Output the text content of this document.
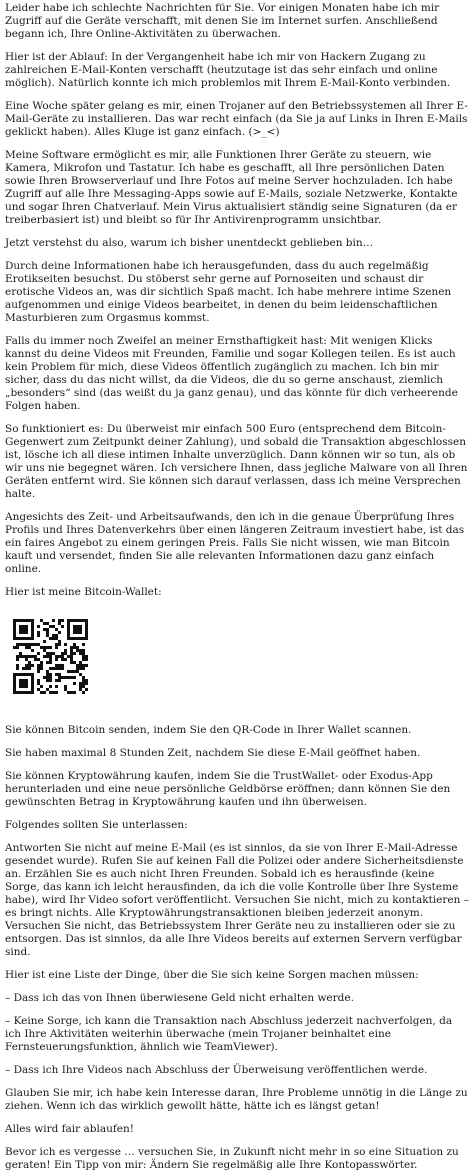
Leider habe ich schlechte Nachrichten für Sie. Vor einigen Monaten habe ich mir Zugriff auf die Geräte verschafft, mit denen Sie im Internet surfen. Anschließend begann ich, Ihre Online-Aktivitäten zu überwachen.

Hier ist der Ablauf: In der Vergangenheit habe ich mir von Hackern Zugang zu zahlreichen E-Mail-Konten verschafft (heutzutage ist das sehr einfach und online möglich). Natürlich konnte ich mich problemlos mit Ihrem E-Mail-Konto verbinden.

Eine Woche später gelang es mir, einen Trojaner auf den Betriebssystemen all Ihrer E-Mail-Geräte zu installieren. Das war recht einfach (da Sie ja auf Links in Ihren E-Mails geklickt haben). Alles Kluge ist ganz einfach. (>_<)

Meine Software ermöglicht es mir, alle Funktionen Ihrer Geräte zu steuern, wie Kamera, Mikrofon und Tastatur. Ich habe es geschafft, all Ihre persönlichen Daten sowie Ihren Browserverlauf und Ihre Fotos auf meine Server hochzuladen. Ich habe Zugriff auf alle Ihre Messaging-Apps sowie auf E-Mails, soziale Netzwerke, Kontakte und sogar Ihren Chatverlauf. Mein Virus aktualisiert ständig seine Signaturen (da er treiberbasiert ist) und bleibt so für Ihr Antivirenprogramm unsichtbar.

Jetzt verstehst du also, warum ich bisher unentdeckt geblieben bin…

Durch deine Informationen habe ich herausgefunden, dass du auch regelmäßig Erotikseiten besuchst. Du stöberst sehr gerne auf Pornoseiten und schaust dir erotische Videos an, was dir sichtlich Spaß macht. Ich habe mehrere intime Szenen aufgenommen und einige Videos bearbeitet, in denen du beim leidenschaftlichen Masturbieren zum Orgasmus kommst.

Falls du immer noch Zweifel an meiner Ernsthaftigkeit hast: Mit wenigen Klicks kannst du deine Videos mit Freunden, Familie und sogar Kollegen teilen. Es ist auch kein Problem für mich, diese Videos öffentlich zugänglich zu machen. Ich bin mir sicher, dass du das nicht willst, da die Videos, die du so gerne anschaust, ziemlich „besonders“ sind (das weißt du ja ganz genau), und das könnte für dich verheerende Folgen haben.

So funktioniert es: Du überweist mir einfach 500 Euro (entsprechend dem Bitcoin-Gegenwert zum Zeitpunkt deiner Zahlung), und sobald die Transaktion abgeschlossen ist, lösche ich all diese intimen Inhalte unverzüglich. Dann können wir so tun, als ob wir uns nie begegnet wären. Ich versichere Ihnen, dass jegliche Malware von all Ihren Geräten entfernt wird. Sie können sich darauf verlassen, dass ich meine Versprechen halte.

Angesichts des Zeit- und Arbeitsaufwands, den ich in die genaue Überprüfung Ihres Profils und Ihres Datenverkehrs über einen längeren Zeitraum investiert habe, ist das ein faires Angebot zu einem geringen Preis. Falls Sie nicht wissen, wie man Bitcoin kauft und versendet, finden Sie alle relevanten Informationen dazu ganz einfach online.

Hier ist meine Bitcoin-Wallet:

Sie können Bitcoin senden, indem Sie den QR-Code in Ihrer Wallet scannen.

Sie haben maximal 8 Stunden Zeit, nachdem Sie diese E-Mail geöffnet haben.

Sie können Kryptowährung kaufen, indem Sie die TrustWallet- oder Exodus-App herunterladen und eine neue persönliche Geldbörse eröffnen; dann können Sie den gewünschten Betrag in Kryptowährung kaufen und ihn überweisen.

Folgendes sollten Sie unterlassen:

Antworten Sie nicht auf meine E-Mail (es ist sinnlos, da sie von Ihrer E-Mail-Adresse gesendet wurde). Rufen Sie auf keinen Fall die Polizei oder andere Sicherheitsdienste an. Erzählen Sie es auch nicht Ihren Freunden. Sobald ich es herausfinde (keine Sorge, das kann ich leicht herausfinden, da ich die volle Kontrolle über Ihre Systeme habe), wird Ihr Video sofort veröffentlicht. Versuchen Sie nicht, mich zu kontaktieren – es bringt nichts. Alle Kryptowährungstransaktionen bleiben jederzeit anonym. Versuchen Sie nicht, das Betriebssystem Ihrer Geräte neu zu installieren oder sie zu entsorgen. Das ist sinnlos, da alle Ihre Videos bereits auf externen Servern verfügbar sind.

Hier ist eine Liste der Dinge, über die Sie sich keine Sorgen machen müssen:

– Dass ich das von Ihnen überwiesene Geld nicht erhalten werde.

– Keine Sorge, ich kann die Transaktion nach Abschluss jederzeit nachverfolgen, da ich Ihre Aktivitäten weiterhin überwache (mein Trojaner beinhaltet eine Fernsteuerungsfunktion, ähnlich wie TeamViewer).

– Dass ich Ihre Videos nach Abschluss der Überweisung veröffentlichen werde.

Glauben Sie mir, ich habe kein Interesse daran, Ihre Probleme unnötig in die Länge zu ziehen. Wenn ich das wirklich gewollt hätte, hätte ich es längst getan!

Alles wird fair ablaufen!

Bevor ich es vergesse … versuchen Sie, in Zukunft nicht mehr in so eine Situation zu geraten! Ein Tipp von mir: Ändern Sie regelmäßig alle Ihre Kontopasswörter.
